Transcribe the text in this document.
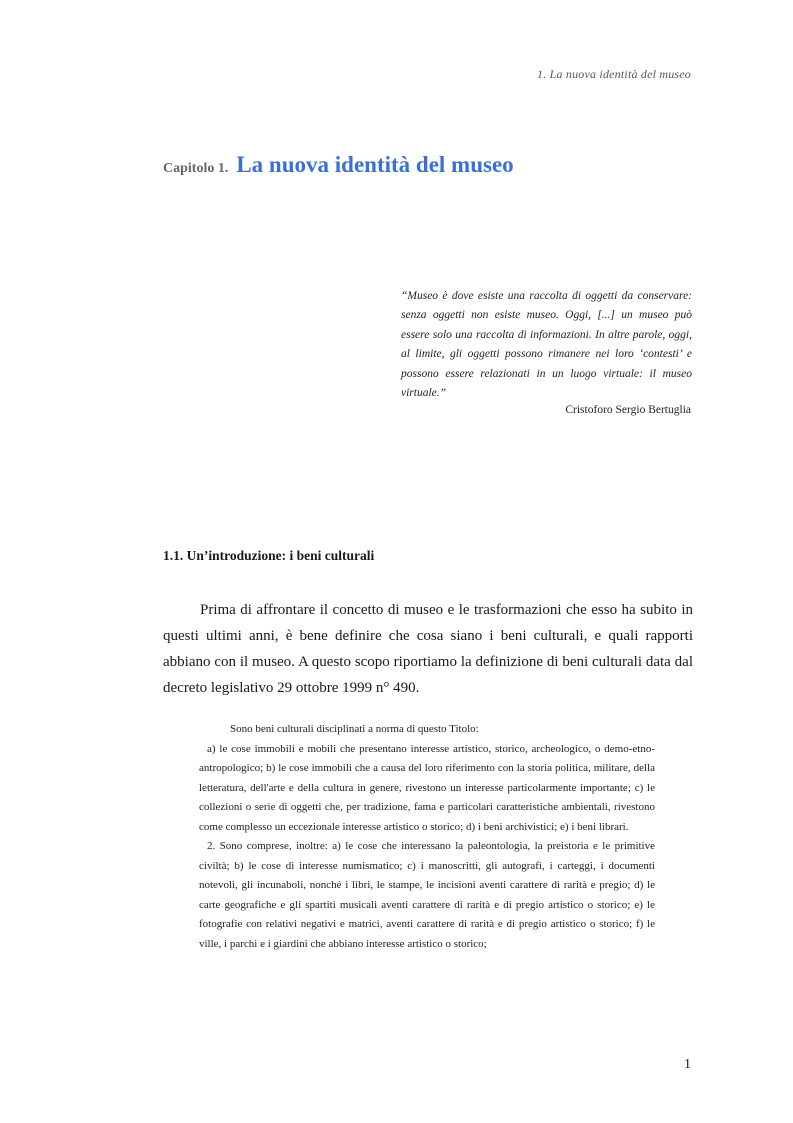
1. La nuova identità del museo
Capitolo 1. La nuova identità del museo
“Museo è dove esiste una raccolta di oggetti da conservare: senza oggetti non esiste museo. Oggi, [...] un museo può essere solo una raccolta di informazioni. In altre parole, oggi, al limite, gli oggetti possono rimanere nei loro ‘contesti’ e possono essere relazionati in un luogo virtuale: il museo virtuale.”
Cristoforo Sergio Bertuglia
1.1. Un’introduzione: i beni culturali
Prima di affrontare il concetto di museo e le trasformazioni che esso ha subito in questi ultimi anni, è bene definire che cosa siano i beni culturali, e quali rapporti abbiano con il museo. A questo scopo riportiamo la definizione di beni culturali data dal decreto legislativo 29 ottobre 1999 n° 490.

Sono beni culturali disciplinati a norma di questo Titolo:

a) le cose immobili e mobili che presentano interesse artistico, storico, archeologico, o demo-etno-antropologico; b) le cose immobili che a causa del loro riferimento con la storia politica, militare, della letteratura, dell'arte e della cultura in genere, rivestono un interesse particolarmente importante; c) le collezioni o serie di oggetti che, per tradizione, fama e particolari caratteristiche ambientali, rivestono come complesso un eccezionale interesse artistico o storico; d) i beni archivistici; e) i beni librari.

2. Sono comprese, inoltre: a) le cose che interessano la paleontologia, la preistoria e le primitive civiltà; b) le cose di interesse numismatico; c) i manoscritti, gli autografi, i carteggi, i documenti notevoli, gli incunaboli, nonché i libri, le stampe, le incisioni aventi carattere di rarità e pregio; d) le carte geografiche e gli spartiti musicali aventi carattere di rarità e di pregio artistico o storico; e) le fotografie con relativi negativi e matrici, aventi carattere di rarità e di pregio artistico o storico; f) le ville, i parchi e i giardini che abbiano interesse artistico o storico;

1
